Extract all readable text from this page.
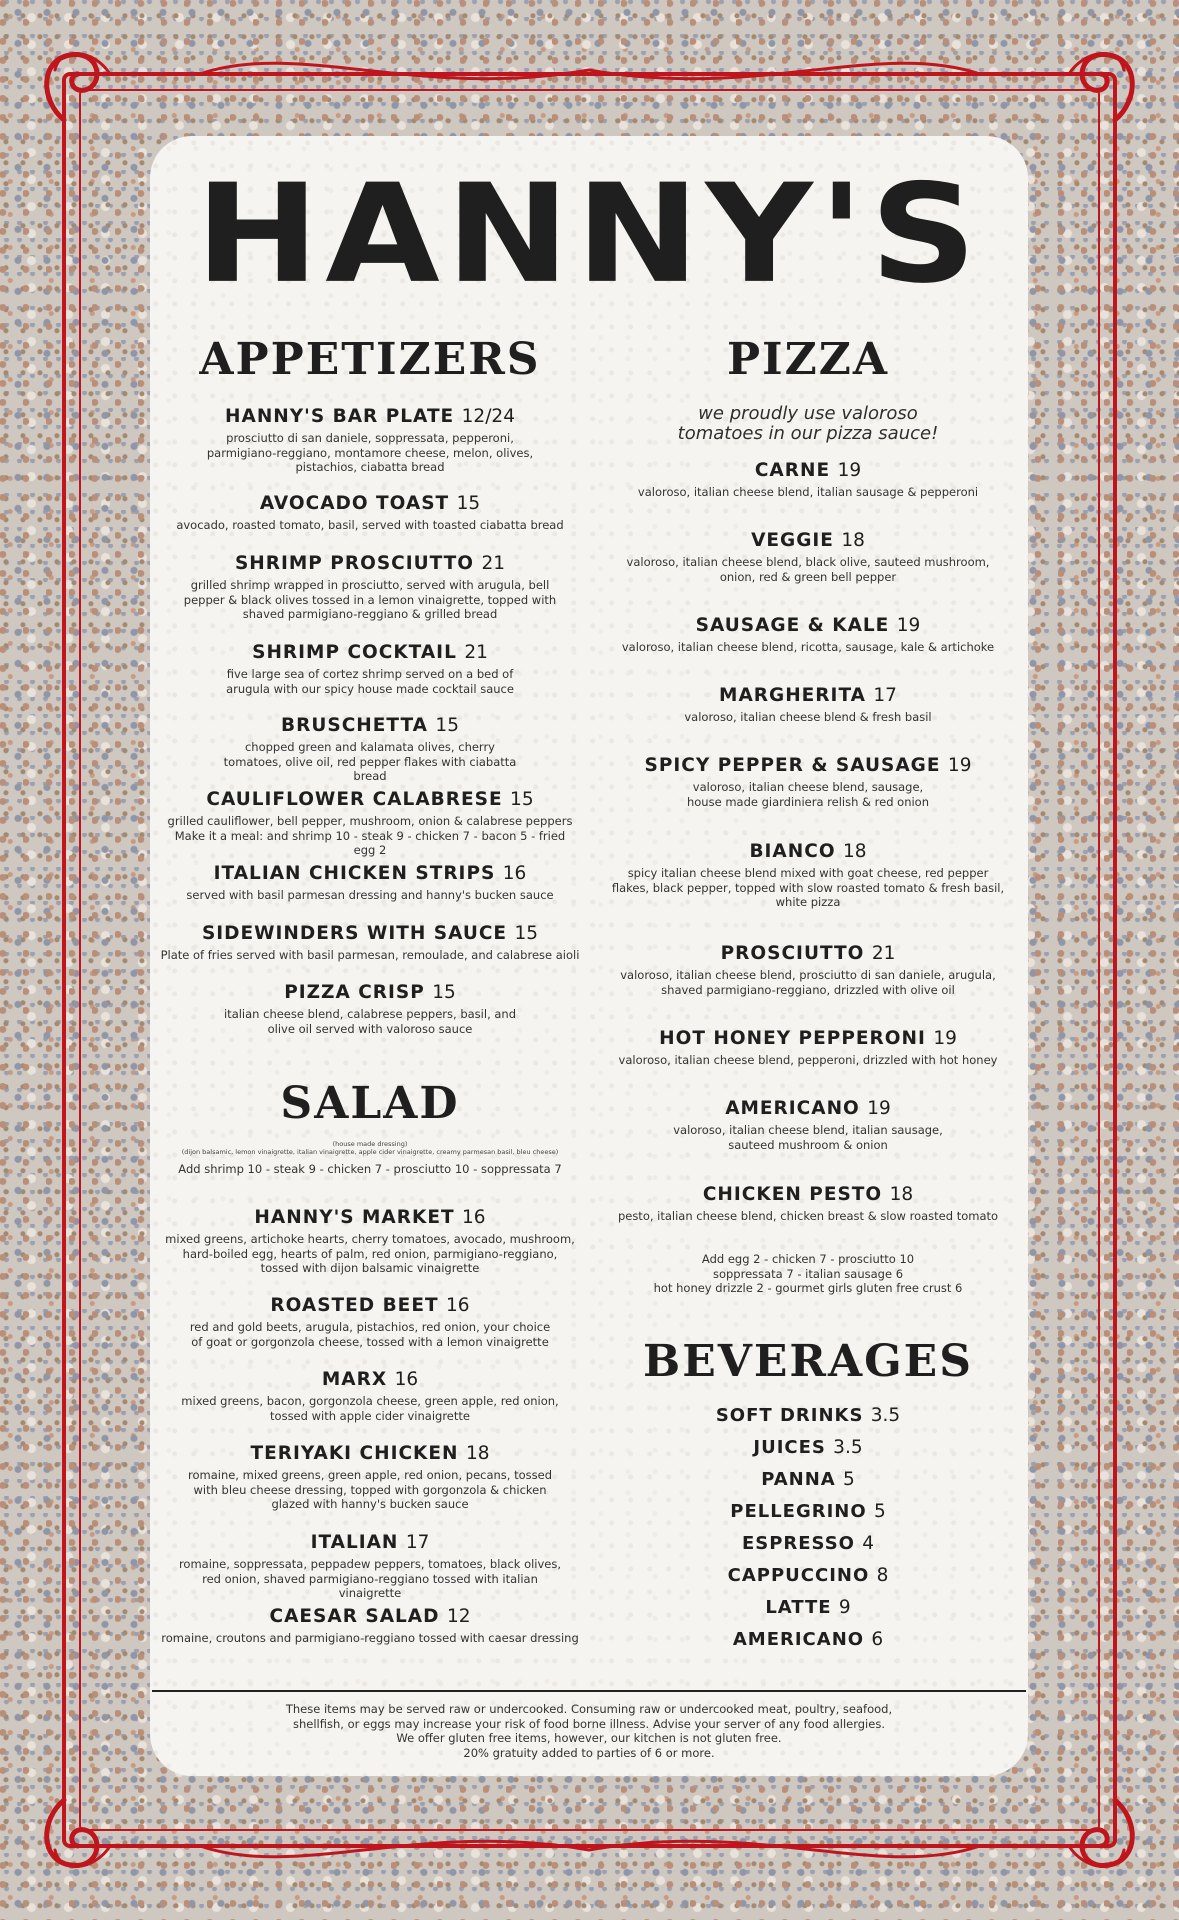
HANNY'S
APPETIZERS
HANNY'S BAR PLATE 12/24
prosciutto di san daniele, soppressata, pepperoni, parmigiano-reggiano, montamore cheese, melon, olives, pistachios, ciabatta bread
AVOCADO TOAST 15
avocado, roasted tomato, basil, served with toasted ciabatta bread
SHRIMP PROSCIUTTO 21
grilled shrimp wrapped in prosciutto, served with arugula, bell pepper & black olives tossed in a lemon vinaigrette, topped with shaved parmigiano-reggiano & grilled bread
SHRIMP COCKTAIL 21
five large sea of cortez shrimp served on a bed of arugula with our spicy house made cocktail sauce
BRUSCHETTA 15
chopped green and kalamata olives, cherry tomatoes, olive oil, red pepper flakes with ciabatta bread
CAULIFLOWER CALABRESE 15
grilled cauliflower, bell pepper, mushroom, onion & calabrese peppers Make it a meal: and shrimp 10 - steak 9 - chicken 7 - bacon 5 - fried egg 2
ITALIAN CHICKEN STRIPS 16
served with basil parmesan dressing and hanny's bucken sauce
SIDEWINDERS WITH SAUCE 15
Plate of fries served with basil parmesan, remoulade, and calabrese aioli
PIZZA CRISP 15
italian cheese blend, calabrese peppers, basil, and olive oil served with valoroso sauce
SALAD
(house made dressing)
(dijon balsamic, lemon vinaigrette, italian vinaigrette, apple cider vinaigrette, creamy parmesan basil, bleu cheese)
Add shrimp 10 - steak 9 - chicken 7 - prosciutto 10 - soppressata 7
HANNY'S MARKET 16
mixed greens, artichoke hearts, cherry tomatoes, avocado, mushroom, hard-boiled egg, hearts of palm, red onion, parmigiano-reggiano, tossed with dijon balsamic vinaigrette
ROASTED BEET 16
red and gold beets, arugula, pistachios, red onion, your choice of goat or gorgonzola cheese, tossed with a lemon vinaigrette
MARX 16
mixed greens, bacon, gorgonzola cheese, green apple, red onion, tossed with apple cider vinaigrette
TERIYAKI CHICKEN 18
romaine, mixed greens, green apple, red onion, pecans, tossed with bleu cheese dressing, topped with gorgonzola & chicken glazed with hanny's bucken sauce
ITALIAN 17
romaine, soppressata, peppadew peppers, tomatoes, black olives, red onion, shaved parmigiano-reggiano tossed with italian vinaigrette
CAESAR SALAD 12
romaine, croutons and parmigiano-reggiano tossed with caesar dressing
PIZZA
we proudly use valoroso tomatoes in our pizza sauce!
CARNE 19
valoroso, italian cheese blend, italian sausage & pepperoni
VEGGIE 18
valoroso, italian cheese blend, black olive, sauteed mushroom, onion, red & green bell pepper
SAUSAGE & KALE 19
valoroso, italian cheese blend, ricotta, sausage, kale & artichoke
MARGHERITA 17
valoroso, italian cheese blend & fresh basil
SPICY PEPPER & SAUSAGE 19
valoroso, italian cheese blend, sausage, house made giardiniera relish & red onion
BIANCO 18
spicy italian cheese blend mixed with goat cheese, red pepper flakes, black pepper, topped with slow roasted tomato & fresh basil, white pizza
PROSCIUTTO 21
valoroso, italian cheese blend, prosciutto di san daniele, arugula, shaved parmigiano-reggiano, drizzled with olive oil
HOT HONEY PEPPERONI 19
valoroso, italian cheese blend, pepperoni, drizzled with hot honey
AMERICANO 19
valoroso, italian cheese blend, italian sausage, sauteed mushroom & onion
CHICKEN PESTO 18
pesto, italian cheese blend, chicken breast & slow roasted tomato
Add egg 2 - chicken 7 - prosciutto 10
soppressata 7 - italian sausage 6
hot honey drizzle 2 - gourmet girls gluten free crust 6
BEVERAGES
SOFT DRINKS 3.5
JUICES 3.5
PANNA 5
PELLEGRINO 5
ESPRESSO 4
CAPPUCCINO 8
LATTE 9
AMERICANO 6
These items may be served raw or undercooked. Consuming raw or undercooked meat, poultry, seafood,
shellfish, or eggs may increase your risk of food borne illness. Advise your server of any food allergies.
We offer gluten free items, however, our kitchen is not gluten free.
20% gratuity added to parties of 6 or more.
